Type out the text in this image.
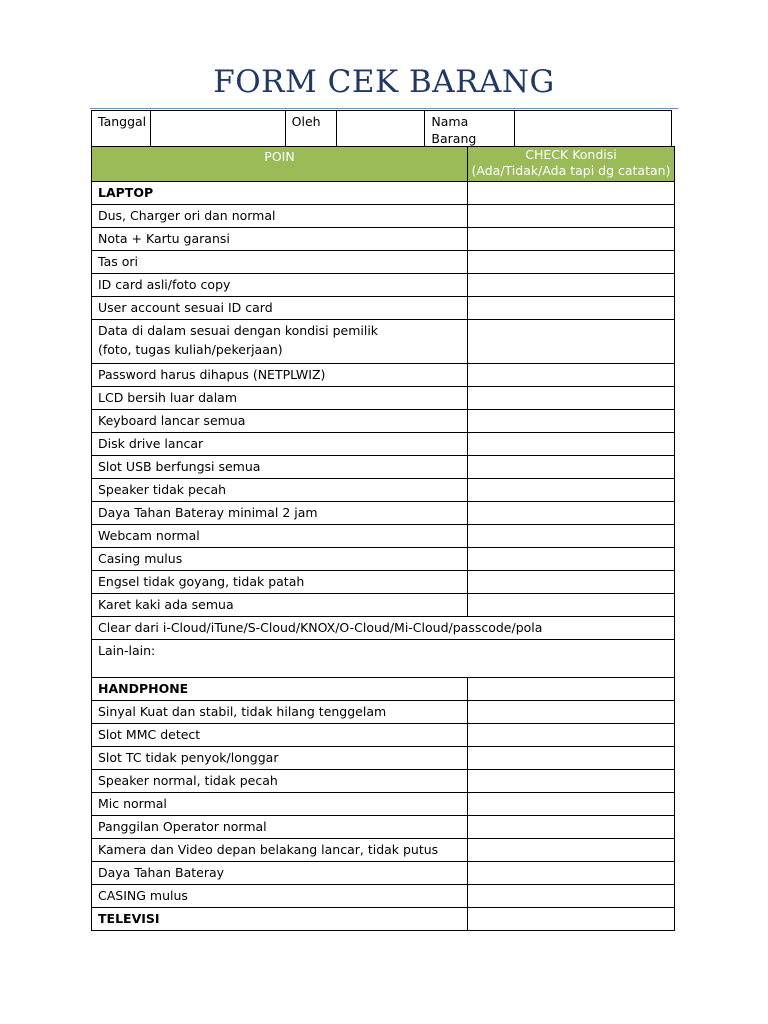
FORM CEK BARANG
Tanggal		Oleh		Nama
Barang	
POIN	CHECK Kondisi
(Ada/Tidak/Ada tapi dg catatan)
LAPTOP	
Dus, Charger ori dan normal	
Nota + Kartu garansi	
Tas ori	
ID card asli/foto copy	
User account sesuai ID card	
Data di dalam sesuai dengan kondisi pemilik
(foto, tugas kuliah/pekerjaan)	
Password harus dihapus (NETPLWIZ)	
LCD bersih luar dalam	
Keyboard lancar semua	
Disk drive lancar	
Slot USB berfungsi semua	
Speaker tidak pecah	
Daya Tahan Bateray minimal 2 jam	
Webcam normal	
Casing mulus	
Engsel tidak goyang, tidak patah	
Karet kaki ada semua	
Clear dari i-Cloud/iTune/S-Cloud/KNOX/O-Cloud/Mi-Cloud/passcode/pola	
Lain-lain:	
HANDPHONE	
Sinyal Kuat dan stabil, tidak hilang tenggelam	
Slot MMC detect	
Slot TC tidak penyok/longgar	
Speaker normal, tidak pecah	
Mic normal	
Panggilan Operator normal	
Kamera dan Video depan belakang lancar, tidak putus	
Daya Tahan Bateray	
CASING mulus	
TELEVISI	
